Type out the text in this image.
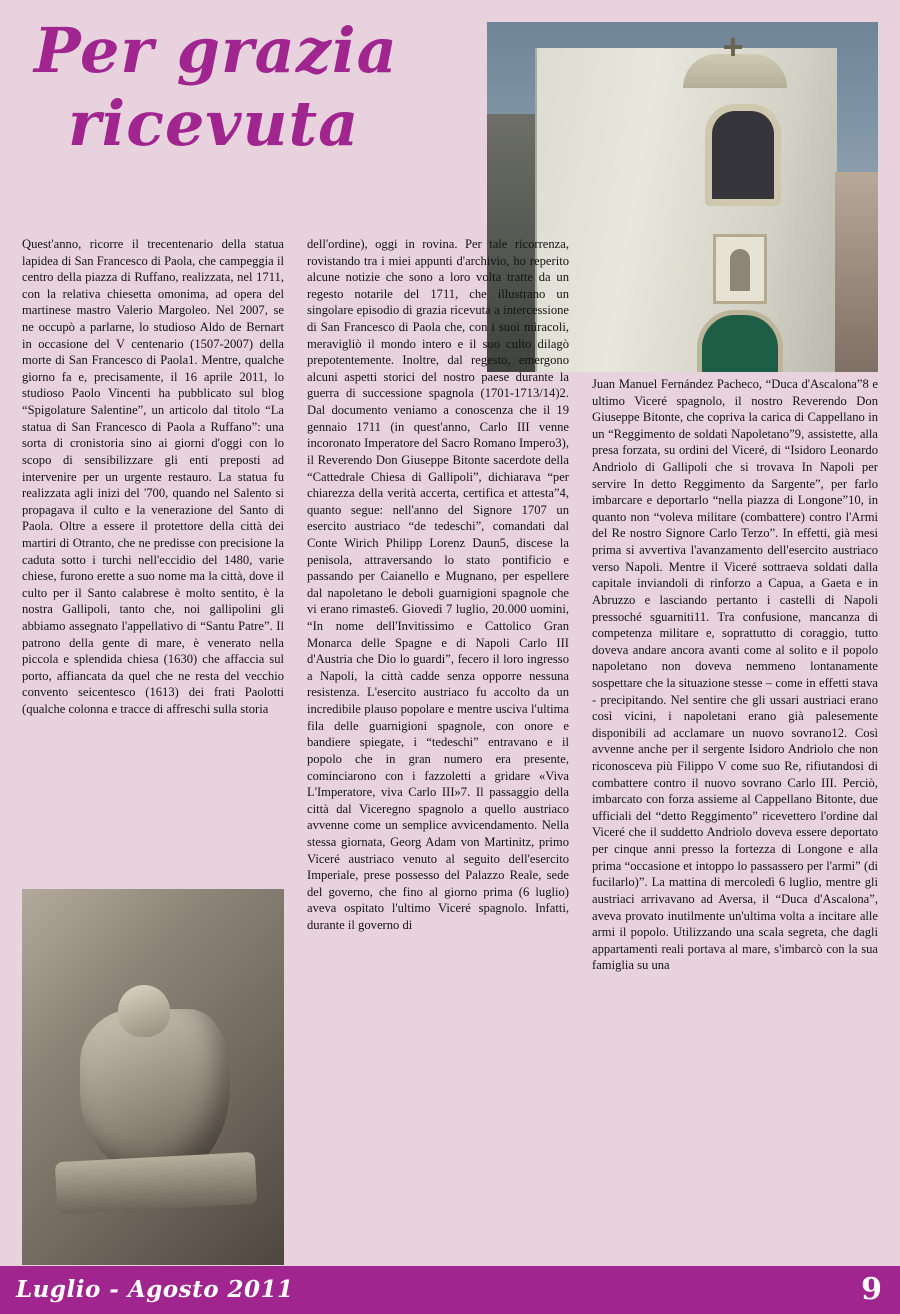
Per grazia
ricevuta

Quest'anno, ricorre il trecentenario della statua lapidea di San Francesco di Paola, che campeggia il centro della piazza di Ruffano, realizzata, nel 1711, con la relativa chiesetta omonima, ad opera del martinese mastro Valerio Margoleo. Nel 2007, se ne occupò a parlarne, lo studioso Aldo de Bernart in occasione del V centenario (1507-2007) della morte di San Francesco di Paola1. Mentre, qualche giorno fa e, precisamente, il 16 aprile 2011, lo studioso Paolo Vincenti ha pubblicato sul blog “Spigolature Salentine”, un articolo dal titolo “La statua di San Francesco di Paola a Ruffano”: una sorta di cronistoria sino ai giorni d'oggi con lo scopo di sensibilizzare gli enti preposti ad intervenire per un urgente restauro. La statua fu realizzata agli inizi del '700, quando nel Salento si propagava il culto e la venerazione del Santo di Paola. Oltre a essere il protettore della città dei martiri di Otranto, che ne predisse con precisione la caduta sotto i turchi nell'eccidio del 1480, varie chiese, furono erette a suo nome ma la città, dove il culto per il Santo calabrese è molto sentito, è la nostra Gallipoli, tanto che, noi gallipolini gli abbiamo assegnato l'appellativo di “Santu Patre”. Il patrono della gente di mare, è venerato nella piccola e splendida chiesa (1630) che affaccia sul porto, affiancata da quel che ne resta del vecchio convento seicentesco (1613) dei frati Paolotti (qualche colonna e tracce di affreschi sulla storia

dell'ordine), oggi in rovina. Per tale ricorrenza, rovistando tra i miei appunti d'archivio, ho reperito alcune notizie che sono a loro volta tratte da un regesto notarile del 1711, che illustrano un singolare episodio di grazia ricevuta a intercessione di San Francesco di Paola che, con i suoi miracoli, meravigliò il mondo intero e il suo culto dilagò prepotentemente. Inoltre, dal regesto, emergono alcuni aspetti storici del nostro paese durante la guerra di successione spagnola (1701-1713/14)2. Dal documento veniamo a conoscenza che il 19 gennaio 1711 (in quest'anno, Carlo III venne incoronato Imperatore del Sacro Romano Impero3), il Reverendo Don Giuseppe Bitonte sacerdote della “Cattedrale Chiesa di Gallipoli”, dichiarava “per chiarezza della verità accerta, certifica et attesta”4, quanto segue: nell'anno del Signore 1707 un esercito austriaco “de tedeschi”, comandati dal Conte Wirich Philipp Lorenz Daun5, discese la penisola, attraversando lo stato pontificio e passando per Caianello e Mugnano, per espellere dal napoletano le deboli guarnigioni spagnole che vi erano rimaste6. Giovedì 7 luglio, 20.000 uomini, “In nome dell'Invitissimo e Cattolico Gran Monarca delle Spagne e di Napoli Carlo III d'Austria che Dio lo guardi”, fecero il loro ingresso a Napoli, la città cadde senza opporre nessuna resistenza. L'esercito austriaco fu accolto da un incredibile plauso popolare e mentre usciva l'ultima fila delle guarnigioni spagnole, con onore e bandiere spiegate, i “tedeschi” entravano e il popolo che in gran numero era presente, cominciarono con i fazzoletti a gridare «Viva L'Imperatore, viva Carlo III»7. Il passaggio della città dal Viceregno spagnolo a quello austriaco avvenne come un semplice avvicendamento. Nella stessa giornata, Georg Adam von Martinitz, primo Viceré austriaco venuto al seguito dell'esercito Imperiale, prese possesso del Palazzo Reale, sede del governo, che fino al giorno prima (6 luglio) aveva ospitato l'ultimo Viceré spagnolo. Infatti, durante il governo di

Juan Manuel Fernández Pacheco, “Duca d'Ascalona”8 e ultimo Viceré spagnolo, il nostro Reverendo Don Giuseppe Bitonte, che copriva la carica di Cappellano in un “Reggimento de soldati Napoletano”9, assistette, alla presa forzata, su ordini del Viceré, di “Isidoro Leonardo Andriolo di Gallipoli che si trovava In Napoli per servire In detto Reggimento da Sargente”, per farlo imbarcare e deportarlo “nella piazza di Longone”10, in quanto non “voleva militare (combattere) contro l'Armi del Re nostro Signore Carlo Terzo”. In effetti, già mesi prima si avvertiva l'avanzamento dell'esercito austriaco verso Napoli. Mentre il Viceré sottraeva soldati dalla capitale inviandoli di rinforzo a Capua, a Gaeta e in Abruzzo e lasciando pertanto i castelli di Napoli pressoché sguarniti11. Tra confusione, mancanza di competenza militare e, soprattutto di coraggio, tutto doveva andare ancora avanti come al solito e il popolo napoletano non doveva nemmeno lontanamente sospettare che la situazione stesse – come in effetti stava - precipitando. Nel sentire che gli ussari austriaci erano così vicini, i napoletani erano già palesemente disponibili ad acclamare un nuovo sovrano12. Così avvenne anche per il sergente Isidoro Andriolo che non riconosceva più Filippo V come suo Re, rifiutandosi di combattere contro il nuovo sovrano Carlo III. Perciò, imbarcato con forza assieme al Cappellano Bitonte, due ufficiali del “detto Reggimento” ricevettero l'ordine dal Viceré che il suddetto Andriolo doveva essere deportato per cinque anni presso la fortezza di Longone e alla prima “occasione et intoppo lo passassero per l'armi” (di fucilarlo)”. La mattina di mercoledì 6 luglio, mentre gli austriaci arrivavano ad Aversa, il “Duca d'Ascalona”, aveva provato inutilmente un'ultima volta a incitare alle armi il popolo. Utilizzando una scala segreta, che dagli appartamenti reali portava al mare, s'imbarcò con la sua famiglia su una

Luglio - Agosto 2011	9
